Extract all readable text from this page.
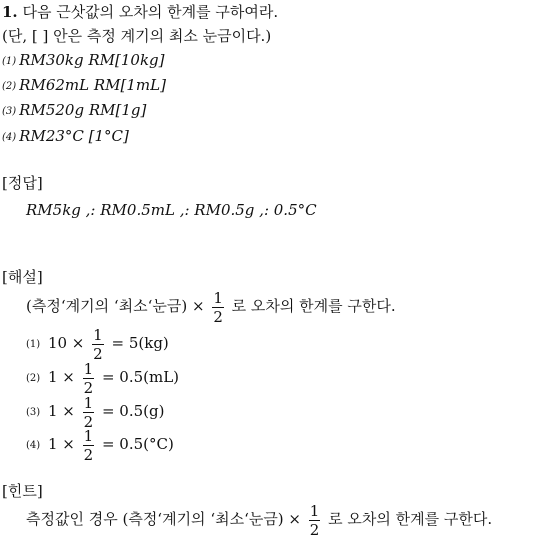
1. 다음 근삿값의 오차의 한계를 구하여라.
(단, [ ] 안은 측정 계기의 최소 눈금이다.)
(1) RM30kg RM[10kg]
(2) RM62mL RM[1mL]
(3) RM520g RM[1g]
(4) RM23°C [1°C]
[정답]
RM5kg ,: RM0.5mL ,: RM0.5g ,: 0.5°C
[해설]
(측정‘계기의 ‘최소‘눈금) × $\frac{1}{2}$ 로 오차의 한계를 구한다.
(1) $10 \times \frac{1}{2} = 5(kg)$
(2) $1 \times \frac{1}{2} = 0.5(mL)$
(3) $1 \times \frac{1}{2} = 0.5(g)$
(4) $1 \times \frac{1}{2} = 0.5(^\circ C)$
[힌트]
측정값인 경우 (측정‘계기의 ‘최소‘눈금) × $\frac{1}{2}$ 로 오차의 한계를 구한다.
